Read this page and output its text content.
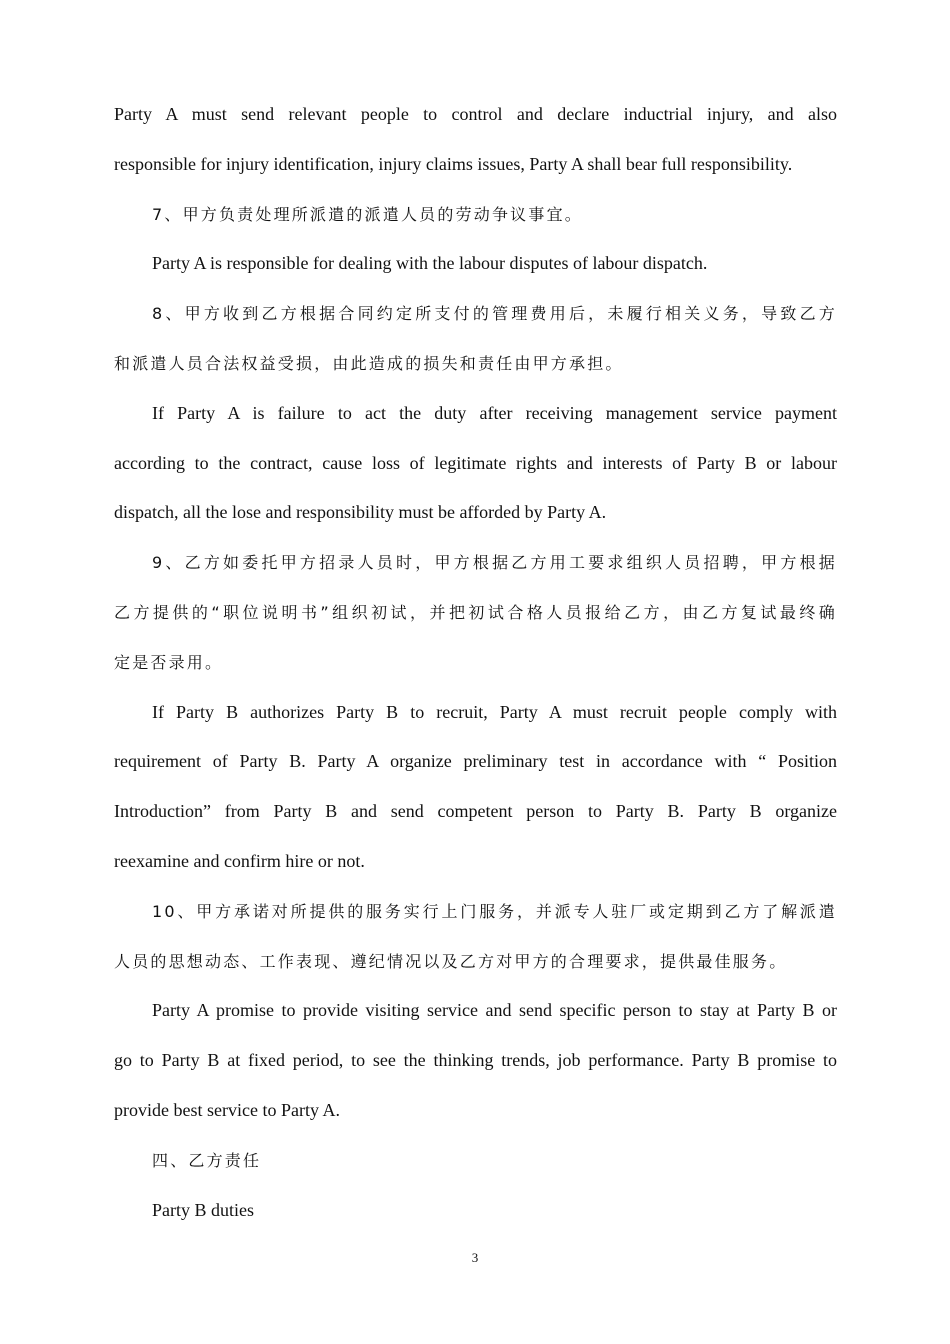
Party A must send relevant people to control and declare inductrial injury, and also
responsible for injury identification, injury claims issues, Party A shall bear full responsibility.
7、甲方负责处理所派遣的派遣人员的劳动争议事宜。
Party A is responsible for dealing with the labour disputes of labour dispatch.
8、甲方收到乙方根据合同约定所支付的管理费用后，未履行相关义务，导致乙方
和派遣人员合法权益受损，由此造成的损失和责任由甲方承担。
If Party A is failure to act the duty after receiving management service payment
according to the contract, cause loss of legitimate rights and interests of Party B or labour
dispatch, all the lose and responsibility must be afforded by Party A.
9、乙方如委托甲方招录人员时，甲方根据乙方用工要求组织人员招聘，甲方根据
乙方提供的“职位说明书”组织初试，并把初试合格人员报给乙方，由乙方复试最终确
定是否录用。
If Party B authorizes Party B to recruit, Party A must recruit people comply with
requirement of Party B. Party A organize preliminary test in accordance with “ Position
Introduction” from Party B and send competent person to Party B. Party B organize
reexamine and confirm hire or not.
10、甲方承诺对所提供的服务实行上门服务，并派专人驻厂或定期到乙方了解派遣
人员的思想动态、工作表现、遵纪情况以及乙方对甲方的合理要求，提供最佳服务。
Party A promise to provide visiting service and send specific person to stay at Party B or
go to Party B at fixed period, to see the thinking trends, job performance. Party B promise to
provide best service to Party A.
四、乙方责任
Party B duties
3
